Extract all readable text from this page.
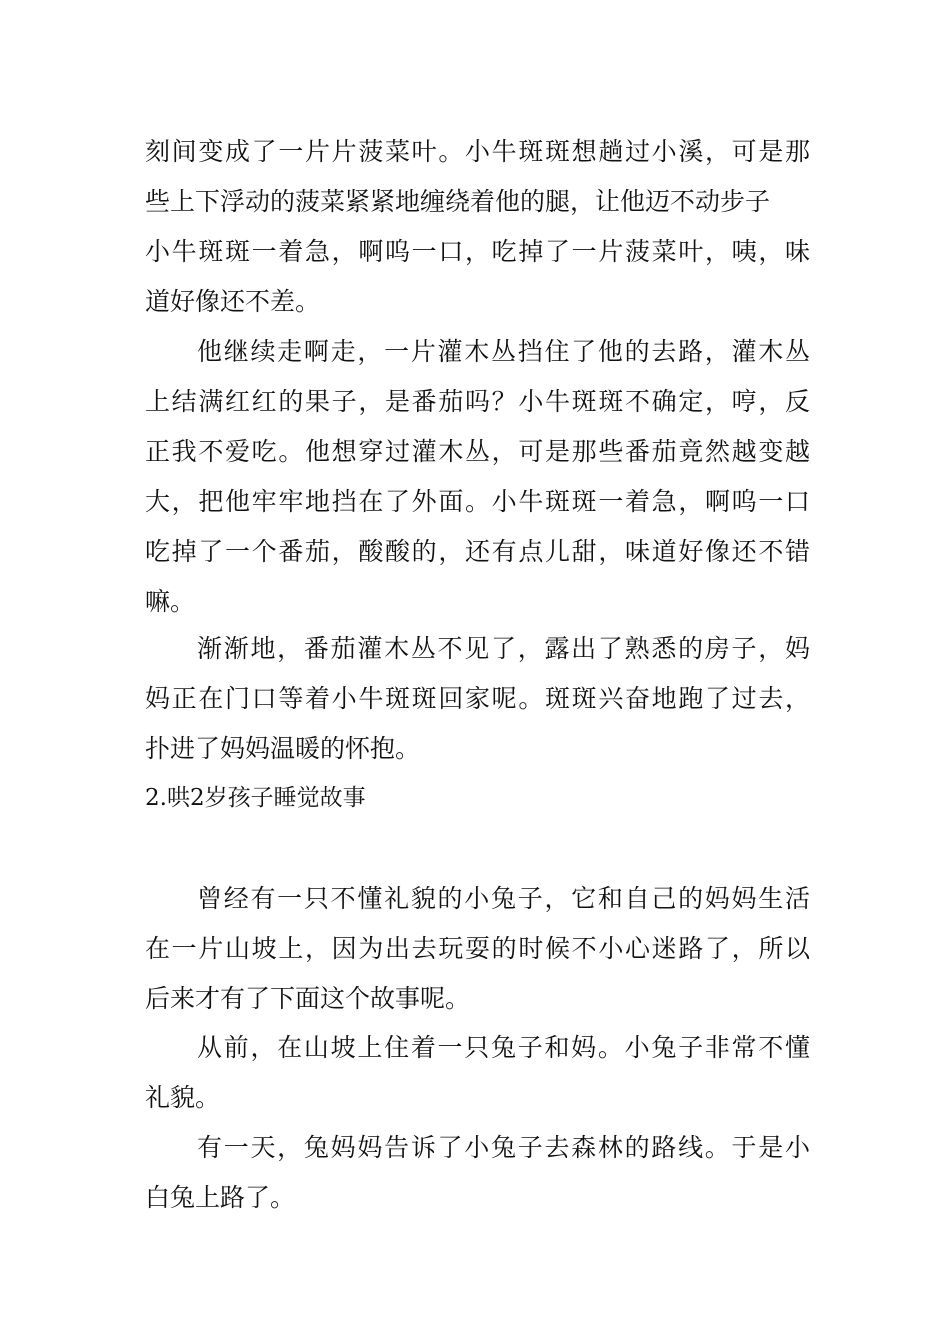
刻间变成了一片片菠菜叶。小牛斑斑想趟过小溪，可是那
些上下浮动的菠菜紧紧地缠绕着他的腿，让他迈不动步子
小牛斑斑一着急，啊呜一口，吃掉了一片菠菜叶，咦，味
道好像还不差。
他继续走啊走，一片灌木丛挡住了他的去路，灌木丛
上结满红红的果子，是番茄吗？小牛斑斑不确定，哼，反
正我不爱吃。他想穿过灌木丛，可是那些番茄竟然越变越
大，把他牢牢地挡在了外面。小牛斑斑一着急，啊呜一口
吃掉了一个番茄，酸酸的，还有点儿甜，味道好像还不错
嘛。
渐渐地，番茄灌木丛不见了，露出了熟悉的房子，妈
妈正在门口等着小牛斑斑回家呢。斑斑兴奋地跑了过去，
扑进了妈妈温暖的怀抱。
2.哄2岁孩子睡觉故事
曾经有一只不懂礼貌的小兔子，它和自己的妈妈生活
在一片山坡上，因为出去玩耍的时候不小心迷路了，所以
后来才有了下面这个故事呢。
从前，在山坡上住着一只兔子和妈。小兔子非常不懂
礼貌。
有一天，兔妈妈告诉了小兔子去森林的路线。于是小
白兔上路了。
